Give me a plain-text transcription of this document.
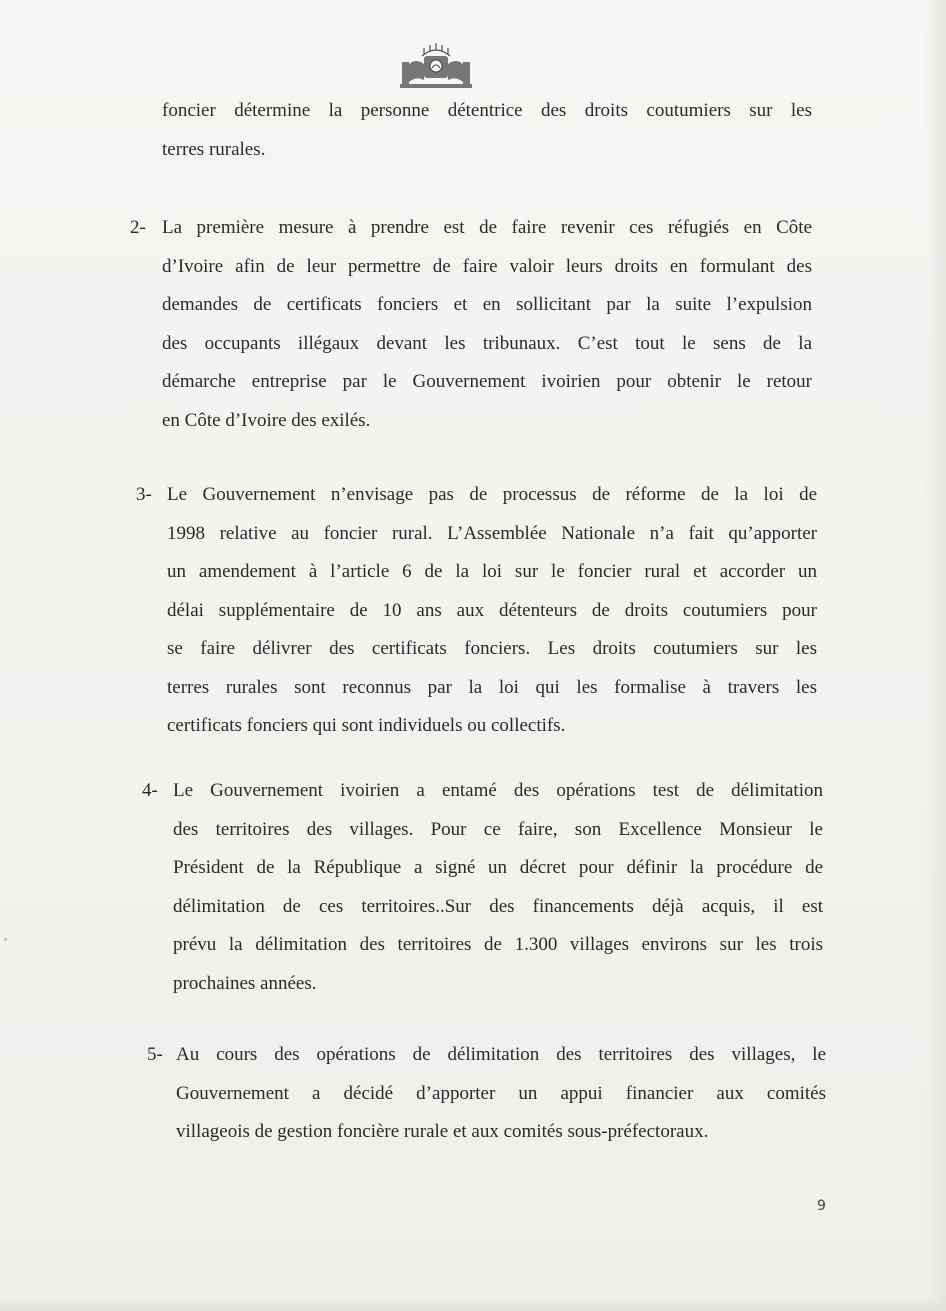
foncier détermine la personne détentrice des droits coutumiers sur les
terres rurales.
2- La première mesure à prendre est de faire revenir ces réfugiés en Côte
d’Ivoire afin de leur permettre de faire valoir leurs droits en formulant des
demandes de certificats fonciers et en sollicitant par la suite l’expulsion
des occupants illégaux devant les tribunaux. C’est tout le sens de la
démarche entreprise par le Gouvernement ivoirien pour obtenir le retour
en Côte d’Ivoire des exilés.
3- Le Gouvernement n’envisage pas de processus de réforme de la loi de
1998 relative au foncier rural. L’Assemblée Nationale n’a fait qu’apporter
un amendement à l’article 6 de la loi sur le foncier rural et accorder un
délai supplémentaire de 10 ans aux détenteurs de droits coutumiers pour
se faire délivrer des certificats fonciers. Les droits coutumiers sur les
terres rurales sont reconnus par la loi qui les formalise à travers les
certificats fonciers qui sont individuels ou collectifs.
4- Le Gouvernement ivoirien a entamé des opérations test de délimitation
des territoires des villages. Pour ce faire, son Excellence Monsieur le
Président de la République a signé un décret pour définir la procédure de
délimitation de ces territoires..Sur des financements déjà acquis, il est
prévu la délimitation des territoires de 1.300 villages environs sur les trois
prochaines années.
5- Au cours des opérations de délimitation des territoires des villages, le
Gouvernement a décidé d’apporter un appui financier aux comités
villageois de gestion foncière rurale et aux comités sous-préfectoraux.
9
